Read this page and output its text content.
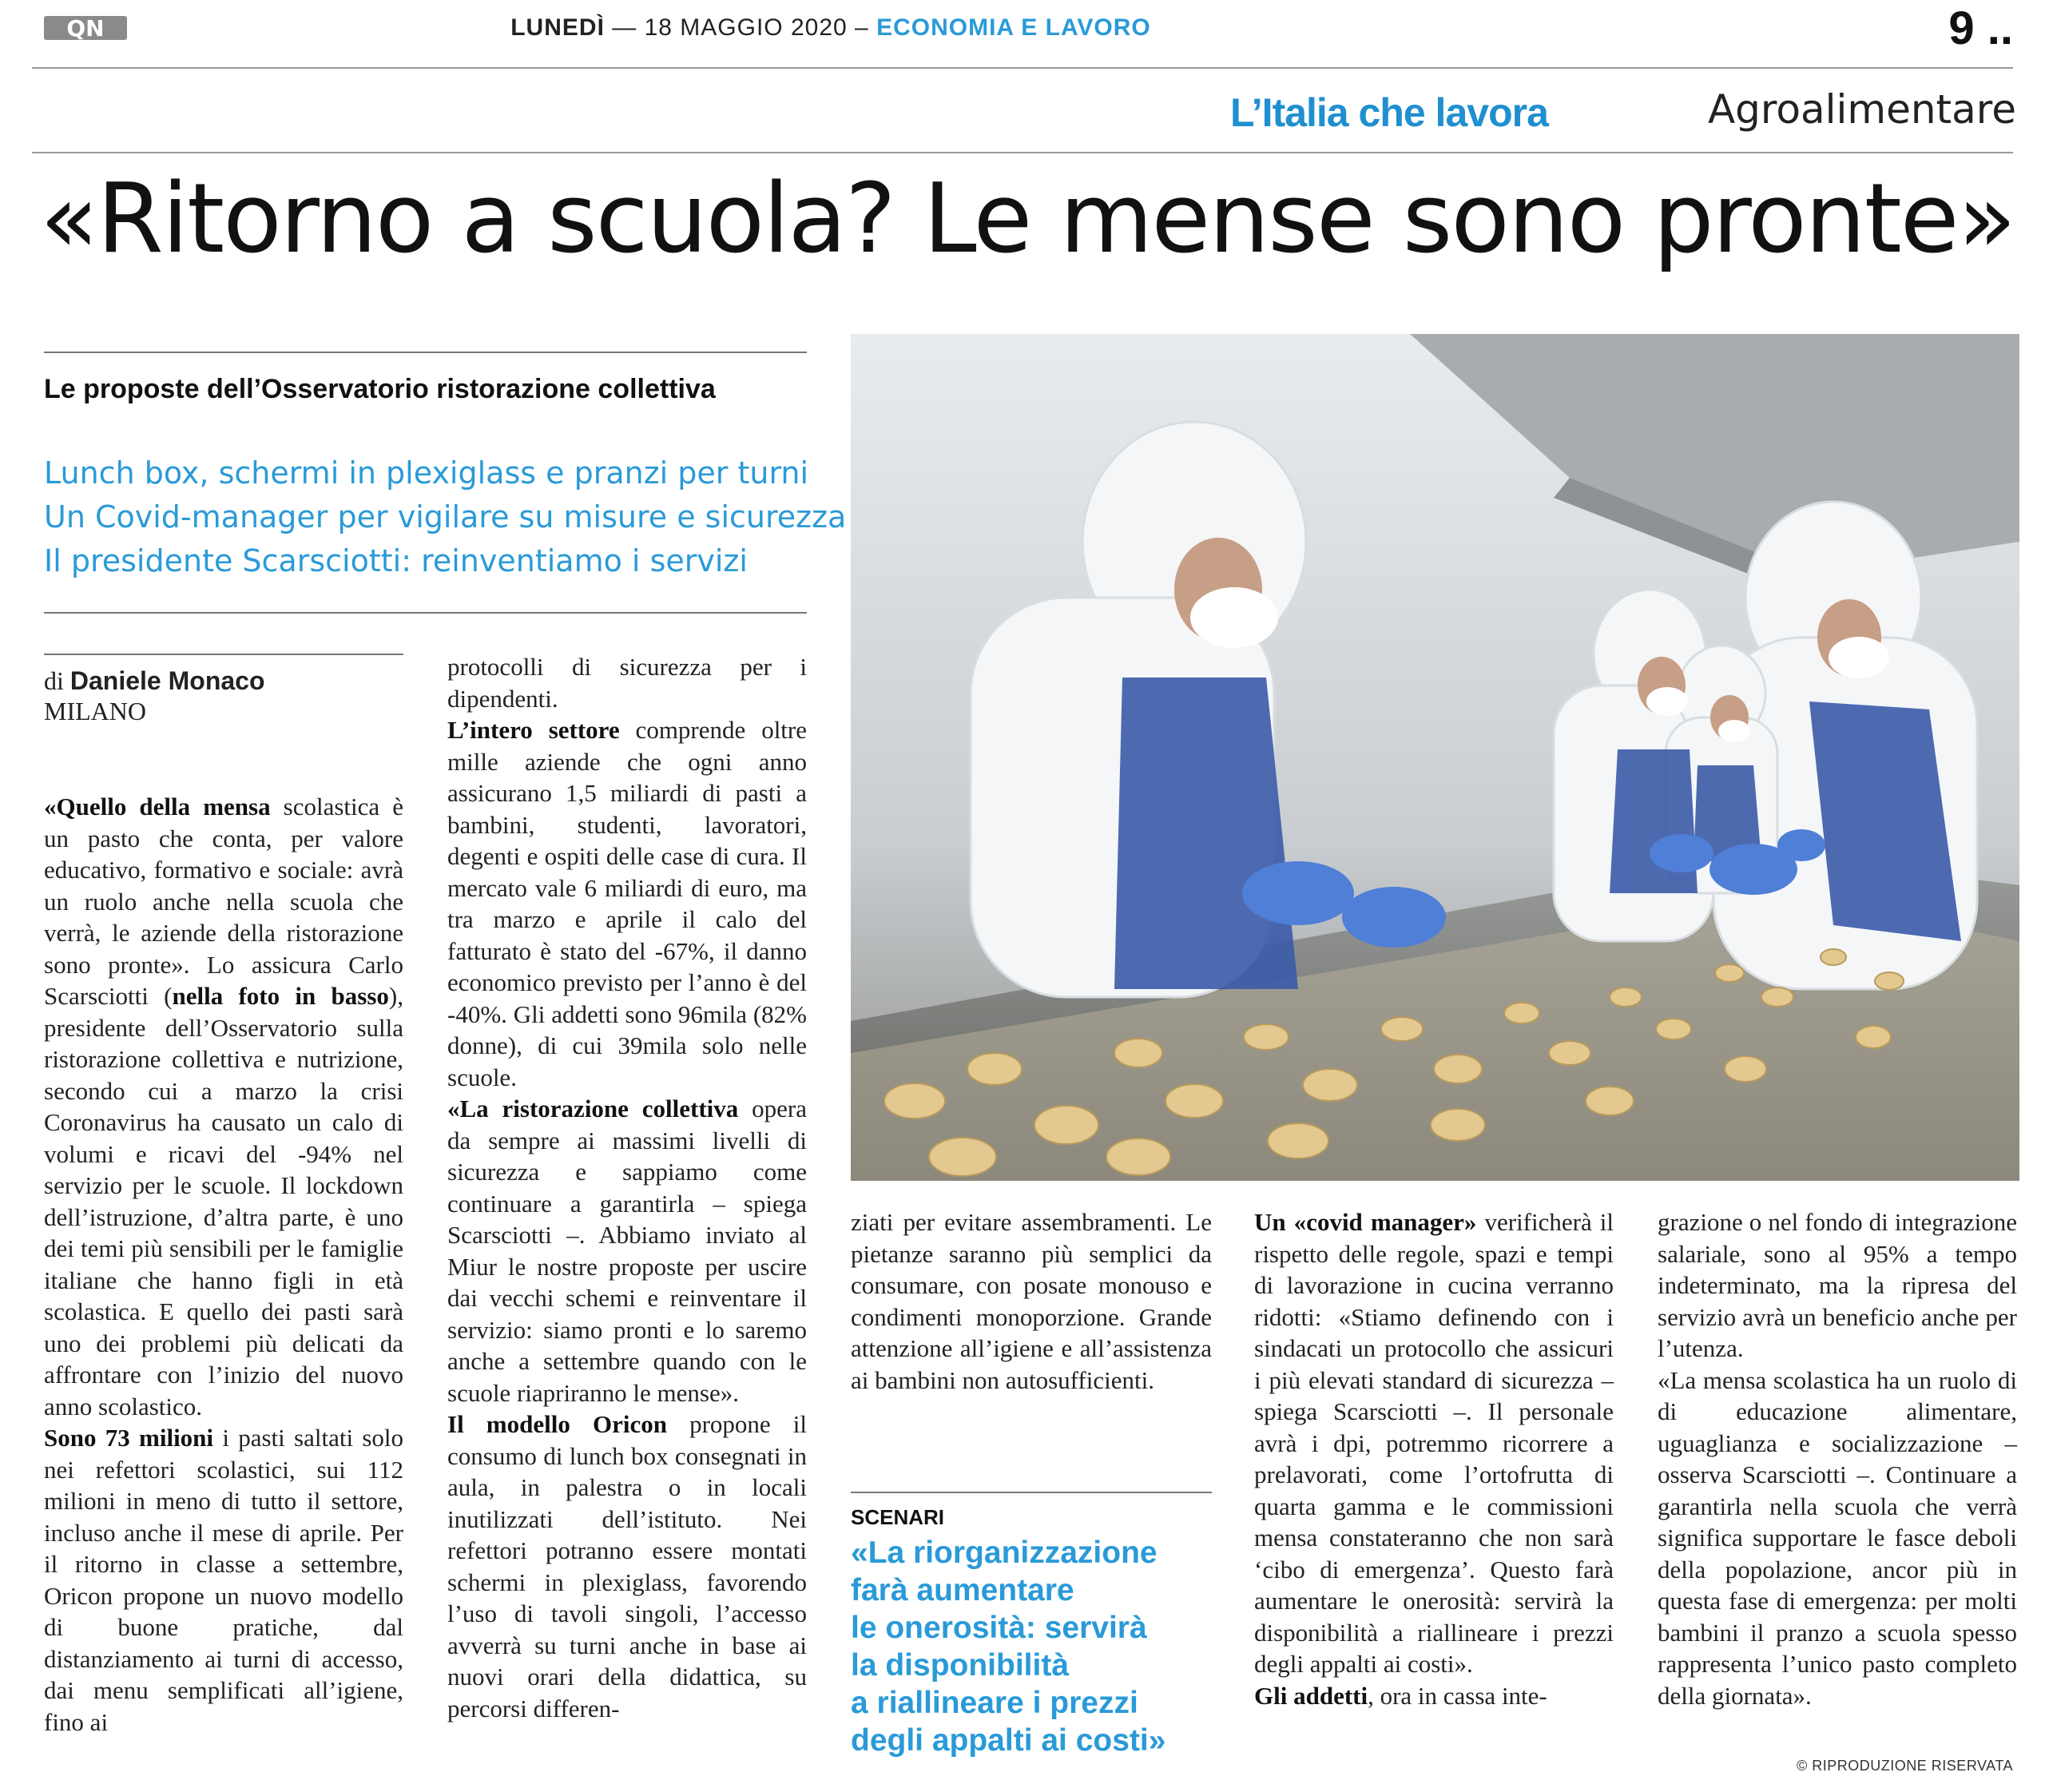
QN	LUNEDÌ — 18 MAGGIO 2020 – ECONOMIA E LAVORO	9 ..
L’Italia che lavora	Agroalimentare
«Ritorno a scuola? Le mense sono pronte»
Le proposte dell’Osservatorio ristorazione collettiva
Lunch box, schermi in plexiglass e pranzi per turni
Un Covid-manager per vigilare su misure e sicurezza
Il presidente Scarsciotti: reinventiamo i servizi
di Daniele Monaco
MILANO

«Quello della mensa scolastica è un pasto che conta, per valore educativo, formativo e sociale: avrà un ruolo anche nella scuola che verrà, le aziende della ristorazione sono pronte». Lo assicura Carlo Scarsciotti (nella foto in basso), presidente dell’Osservatorio sulla ristorazione collettiva e nutrizione, secondo cui a marzo la crisi Coronavirus ha causato un calo di volumi e ricavi del -94% nel servizio per le scuole. Il lockdown dell’istruzione, d’altra parte, è uno dei temi più sensibili per le famiglie italiane che hanno figli in età scolastica. E quello dei pasti sarà uno dei problemi più delicati da affrontare con l’inizio del nuovo anno scolastico.

Sono 73 milioni i pasti saltati solo nei refettori scolastici, sui 112 milioni in meno di tutto il settore, incluso anche il mese di aprile. Per il ritorno in classe a settembre, Oricon propone un nuovo modello di buone pratiche, dal distanziamento ai turni di accesso, dai menu semplificati all’igiene, fino ai

protocolli di sicurezza per i dipendenti.

L’intero settore comprende oltre mille aziende che ogni anno assicurano 1,5 miliardi di pasti a bambini, studenti, lavoratori, degenti e ospiti delle case di cura. Il mercato vale 6 miliardi di euro, ma tra marzo e aprile il calo del fatturato è stato del -67%, il danno economico previsto per l’anno è del -40%. Gli addetti sono 96mila (82% donne), di cui 39mila solo nelle scuole.

«La ristorazione collettiva opera da sempre ai massimi livelli di sicurezza e sappiamo come continuare a garantirla – spiega Scarsciotti –. Abbiamo inviato al Miur le nostre proposte per uscire dai vecchi schemi e reinventare il servizio: siamo pronti e lo saremo anche a settembre quando con le scuole riapriranno le mense».

Il modello Oricon propone il consumo di lunch box consegnati in aula, in palestra o in locali inutilizzati dell’istituto. Nei refettori potranno essere montati schermi in plexiglass, favorendo l’uso di tavoli singoli, l’accesso avverrà su turni anche in base ai nuovi orari della didattica, su percorsi differen-

ziati per evitare assembramenti. Le pietanze saranno più semplici da consumare, con posate monouso e condimenti monoporzione. Grande attenzione all’igiene e all’assistenza ai bambini non autosufficienti.

Un «covid manager» verificherà il rispetto delle regole, spazi e tempi di lavorazione in cucina verranno ridotti: «Stiamo definendo con i sindacati un protocollo che assicuri i più elevati standard di sicurezza – spiega Scarsciotti –. Il personale avrà i dpi, potremmo ricorrere a prelavorati, come l’ortofrutta di quarta gamma e le commissioni mensa constateranno che non sarà ‘cibo di emergenza’. Questo farà aumentare le onerosità: servirà la disponibilità a riallineare i prezzi degli appalti ai costi».

Gli addetti, ora in cassa inte-

grazione o nel fondo di integrazione salariale, sono al 95% a tempo indeterminato, ma la ripresa del servizio avrà un beneficio anche per l’utenza.

«La mensa scolastica ha un ruolo di di educazione alimentare, uguaglianza e socializzazione – osserva Scarsciotti –. Continuare a garantirla nella scuola che verrà significa supportare le fasce deboli della popolazione, ancor più in questa fase di emergenza: per molti bambini il pranzo a scuola spesso rappresenta l’unico pasto completo della giornata».

SCENARI
«La riorganizzazione
farà aumentare
le onerosità: servirà
la disponibilità
a riallineare i prezzi
degli appalti ai costi»
© RIPRODUZIONE RISERVATA
